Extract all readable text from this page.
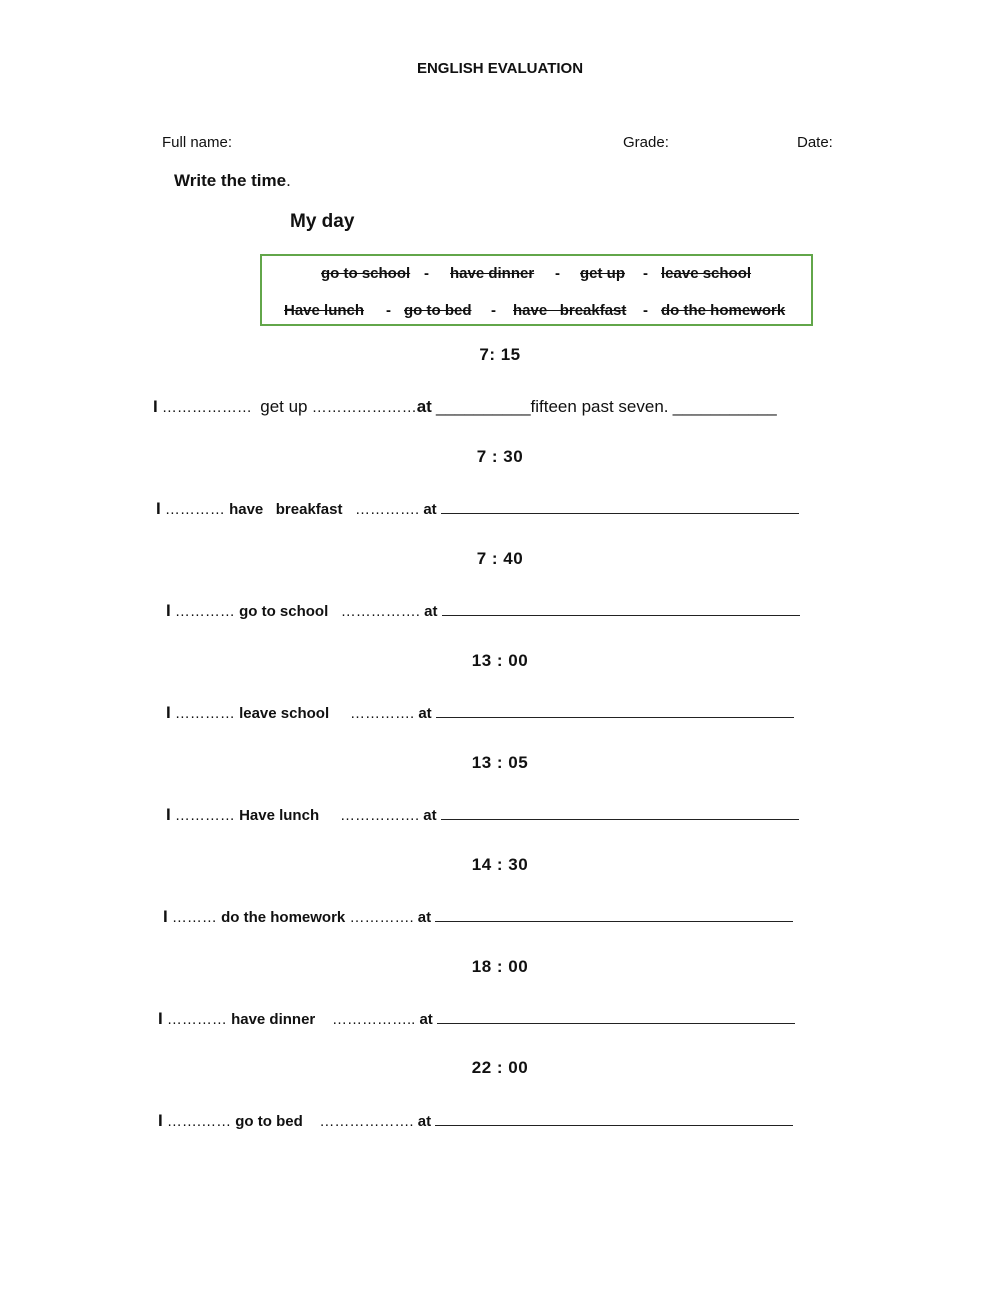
ENGLISH EVALUATION
Full name:	Grade:	Date:
Write the time.
My day
go to school - have dinner - get up - leave school
Have lunch - go to bed - have   breakfast - do the homework
7: 15
I ……………… get up …………………at __________fifteen past seven. ___________
7 : 30
I ………… have   breakfast …………. at
7 : 40
I ………… go to school ……………. at
13 : 00
I ………… leave school …………. at
13 : 05
I ………… Have lunch ……………. at
14 : 30
I ……… do the homework …………. at
18 : 00
I ………… have dinner …………….. at
22 : 00
I …….…… go to bed ………………. at
